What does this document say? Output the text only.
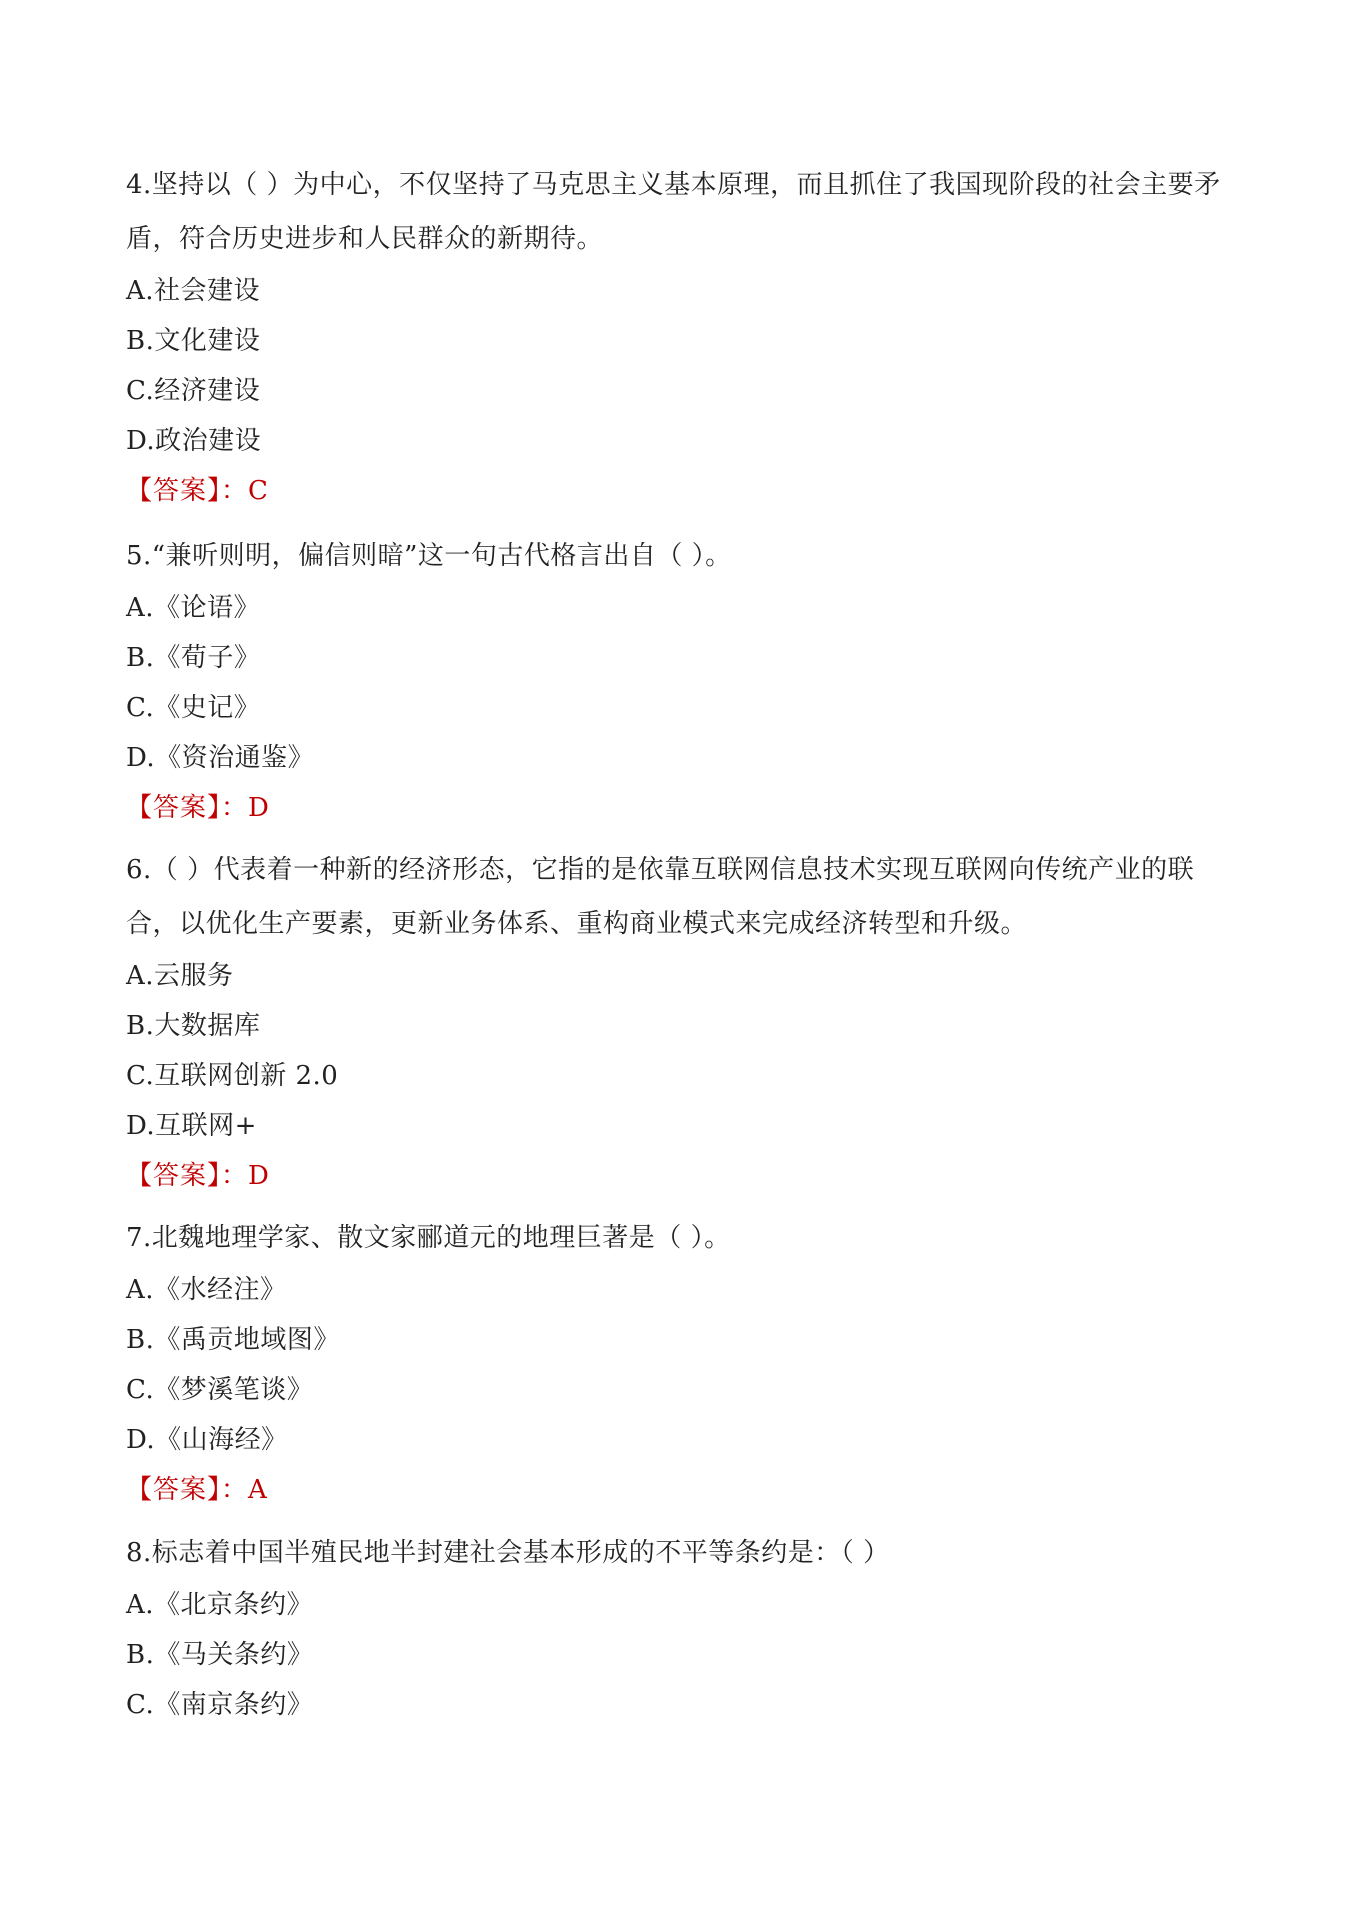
4.坚持以（ ）为中心，不仅坚持了马克思主义基本原理，而且抓住了我国现阶段的社会主要矛盾，符合历史进步和人民群众的新期待。

A.社会建设

B.文化建设

C.经济建设

D.政治建设

【答案】：C

5.“兼听则明，偏信则暗”这一句古代格言出自（ ）。

A.《论语》

B.《荀子》

C.《史记》

D.《资治通鉴》

【答案】：D

6.（ ）代表着一种新的经济形态，它指的是依靠互联网信息技术实现互联网向传统产业的联合，以优化生产要素，更新业务体系、重构商业模式来完成经济转型和升级。

A.云服务

B.大数据库

C.互联网创新 2.0

D.互联网+

【答案】：D

7.北魏地理学家、散文家郦道元的地理巨著是（ ）。

A.《水经注》

B.《禹贡地域图》

C.《梦溪笔谈》

D.《山海经》

【答案】：A

8.标志着中国半殖民地半封建社会基本形成的不平等条约是：（ ）

A.《北京条约》

B.《马关条约》

C.《南京条约》
